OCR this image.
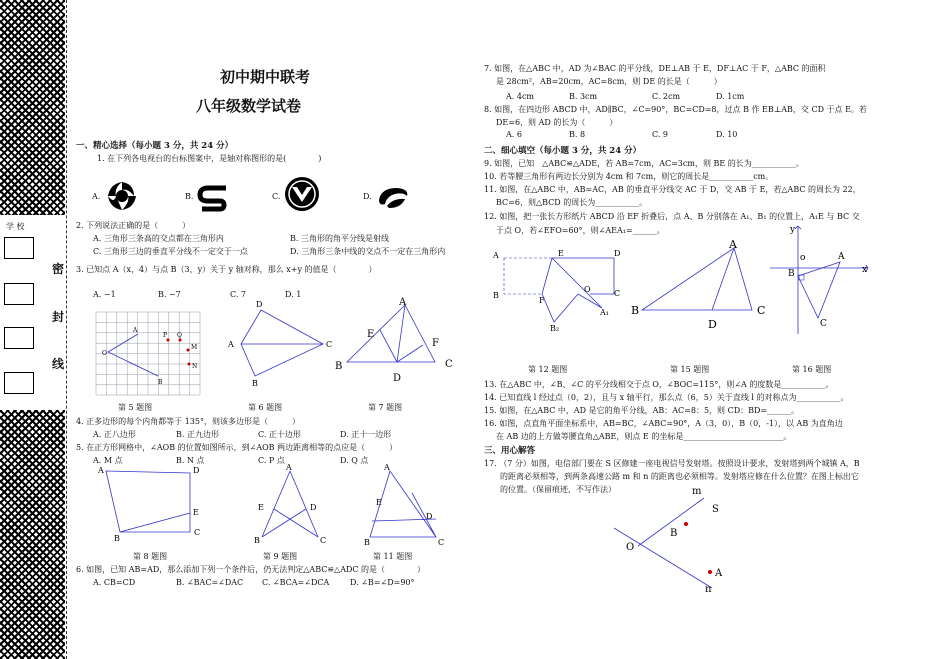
学 校
密
封
线
初中期中联考
八年级数学试卷
一、精心选择（每小题 3 分，共 24 分）
1. 在下列各电视台的台标图案中，是轴对称图形的是(　　　　)
A.	B.	C.	D.
2. 下列说法正确的是（　　　）
A. 三角形三条高的交点都在三角形内	B. 三角形的角平分线是射线
C. 三角形三边的垂直平分线不一定交于一点	D. 三角形三条中线的交点不一定在三角形内
3. 已知点 A（x，4）与点 B（3，y）关于 y 轴对称，那么 x+y 的值是（　　　　）
A. −1	B. −7	C. 7	D. 1
A
O
B
P Q
M
N
D
A	C
B
A
E
F
B	C
D
第 5 题图	第 6 题图	第 7 题图
4. 正多边形的每个内角都等于 135°，则该多边形是（　　　）
A. 正八边形	B. 正九边形	C. 正十边形	D. 正十一边形
5. 在正方形网格中，∠AOB 的位置如图所示，到∠AOB 两边距离相等的点应是（　　　）
A. M 点	B. N 点	C. P 点	D. Q 点
A	D
E
C
B
A
E	D
B	C
A
E
D
B	C
第 8 题图	第 9 题图	第 11 题图
6. 如图，已知 AB=AD，那么添加下列一个条件后，仍无法判定△ABC≌△ADC 的是（　　　　）
A. CB=CD	B. ∠BAC=∠DAC C. ∠BCA=∠DCA	D. ∠B=∠D=90°
7. 如图，在△ABC 中，AD 为∠BAC 的平分线，DE⊥AB 于 E，DF⊥AC 于 F，△ABC 的面积
是 28cm²，AB=20cm，AC=8cm，则 DE 的长是（　　　）
A. 4cm	B. 3cm	C. 2cm	D. 1cm
8. 如图，在四边形 ABCD 中，AD∥BC，∠C=90°，BC=CD=8，过点 B 作 EB⊥AB，交 CD 于点 E。若
DE=6，则 AD 的长为（　　　）
A. 6	B. 8	C. 9	D. 10
二、细心填空（每小题 3 分，共 24 分）
9. 如图，已知　△ABC≌△ADE，若 AB=7cm，AC=3cm，则 BE 的长为___________。
10. 若等腰三角形有两边长分别为 4cm 和 7cm，则它的周长是___________cm。
11. 如图，在△ABC 中，AB=AC，AB 的垂直平分线交 AC 于 D，交 AB 于 E，若△ABC 的周长为 22，
BC=6，则△BCD 的周长为___________。
12. 如图，把一张长方形纸片 ABCD 沿 EF 折叠后，点 A、B 分别落在 A₁、B₁ 的位置上，A₁E 与 BC 交
于点 O，若∠EFO=60°，则∠AEA₁=______。
A	D
C
B
F
O
E
A₁
B₂
A
B	C
D
y
x
o	A
B
C
第 12 题图	第 15 题图	第 16 题图
13. 在△ABC 中，∠B、∠C 的平分线相交于点 O，∠BOC=115°，则∠A 的度数是___________。
14. 已知直线 l 经过点（0，2），且与 x 轴平行，那么点（6，5）关于直线 l 的对称点为___________。
15. 如图，在△ABC 中，AD 是它的角平分线，AB：AC=8：5，则 CD：BD=______。
16. 如图，点直角平面坐标系中，AB=BC，∠ABC=90°，A（3，0），B（0，-1），以 AB 为直角边
在 AB 边的上方做等腰直角△ABE，则点 E 的坐标是_________________________。
三、用心解答
17. （7 分）如图，电信部门要在 S 区修建一座电视信号发射塔。按照设计要求，发射塔到两个城镇 A，B
的距离必须相等，到两条高速公路 m 和 n 的距离也必须相等。发射塔应修在什么位置？在图上标出它
的位置。（保留痕迹，不写作法）	m
S
B
O
A
n
